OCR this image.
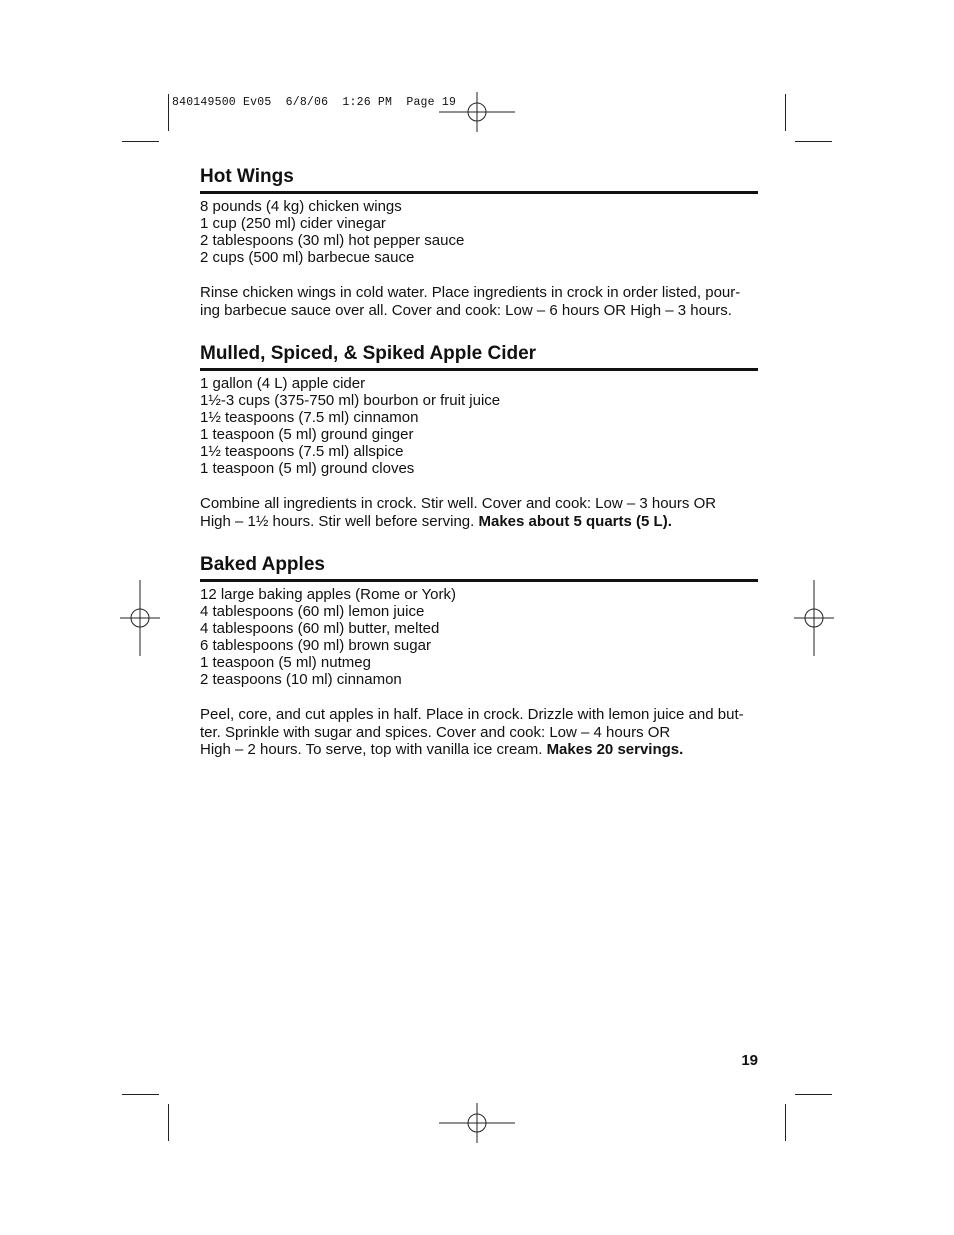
840149500 Ev05  6/8/06  1:26 PM  Page 19
Hot Wings
8 pounds (4 kg) chicken wings
1 cup (250 ml) cider vinegar
2 tablespoons (30 ml) hot pepper sauce
2 cups (500 ml) barbecue sauce

Rinse chicken wings in cold water. Place ingredients in crock in order listed, pour-
ing barbecue sauce over all. Cover and cook: Low – 6 hours OR High – 3 hours.

Mulled, Spiced, & Spiked Apple Cider
1 gallon (4 L) apple cider
1½-3 cups (375-750 ml) bourbon or fruit juice
1½ teaspoons (7.5 ml) cinnamon
1 teaspoon (5 ml) ground ginger
1½ teaspoons (7.5 ml) allspice
1 teaspoon (5 ml) ground cloves

Combine all ingredients in crock. Stir well. Cover and cook: Low – 3 hours OR
High – 1½ hours. Stir well before serving. Makes about 5 quarts (5 L).

Baked Apples
12 large baking apples (Rome or York)
4 tablespoons (60 ml) lemon juice
4 tablespoons (60 ml) butter, melted
6 tablespoons (90 ml) brown sugar
1 teaspoon (5 ml) nutmeg
2 teaspoons (10 ml) cinnamon

Peel, core, and cut apples in half. Place in crock. Drizzle with lemon juice and but-
ter. Sprinkle with sugar and spices. Cover and cook: Low – 4 hours OR
High – 2 hours. To serve, top with vanilla ice cream. Makes 20 servings.

19
